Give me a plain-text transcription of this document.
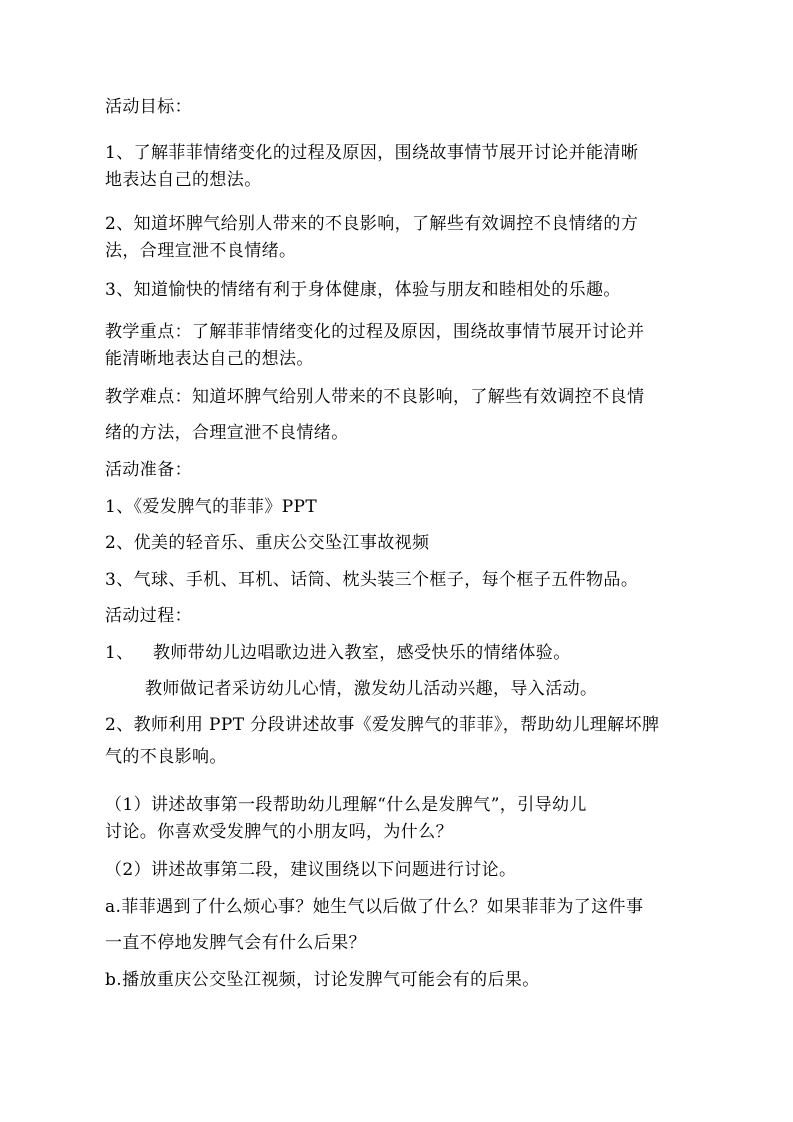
活动目标：
1、了解菲菲情绪变化的过程及原因，围绕故事情节展开讨论并能清晰
地表达自己的想法。
2、知道坏脾气给别人带来的不良影响，了解些有效调控不良情绪的方
法，合理宣泄不良情绪。
3、知道愉快的情绪有利于身体健康，体验与朋友和睦相处的乐趣。
教学重点：了解菲菲情绪变化的过程及原因，围绕故事情节展开讨论并
能清晰地表达自己的想法。
教学难点：知道坏脾气给别人带来的不良影响，了解些有效调控不良情
绪的方法，合理宣泄不良情绪。
活动准备：
1、《爱发脾气的菲菲》PPT
2、优美的轻音乐、重庆公交坠江事故视频
3、气球、手机、耳机、话筒、枕头装三个框子，每个框子五件物品。
活动过程：
1、 教师带幼儿边唱歌边进入教室，感受快乐的情绪体验。
教师做记者采访幼儿心情，激发幼儿活动兴趣，导入活动。
2、教师利用 PPT 分段讲述故事《爱发脾气的菲菲》，帮助幼儿理解坏脾
气的不良影响。
（1）讲述故事第一段帮助幼儿理解“什么是发脾气”，引导幼儿
讨论。你喜欢受发脾气的小朋友吗，为什么？
（2）讲述故事第二段，建议围绕以下问题进行讨论。
a.菲菲遇到了什么烦心事？她生气以后做了什么？如果菲菲为了这件事
一直不停地发脾气会有什么后果？
b.播放重庆公交坠江视频，讨论发脾气可能会有的后果。
